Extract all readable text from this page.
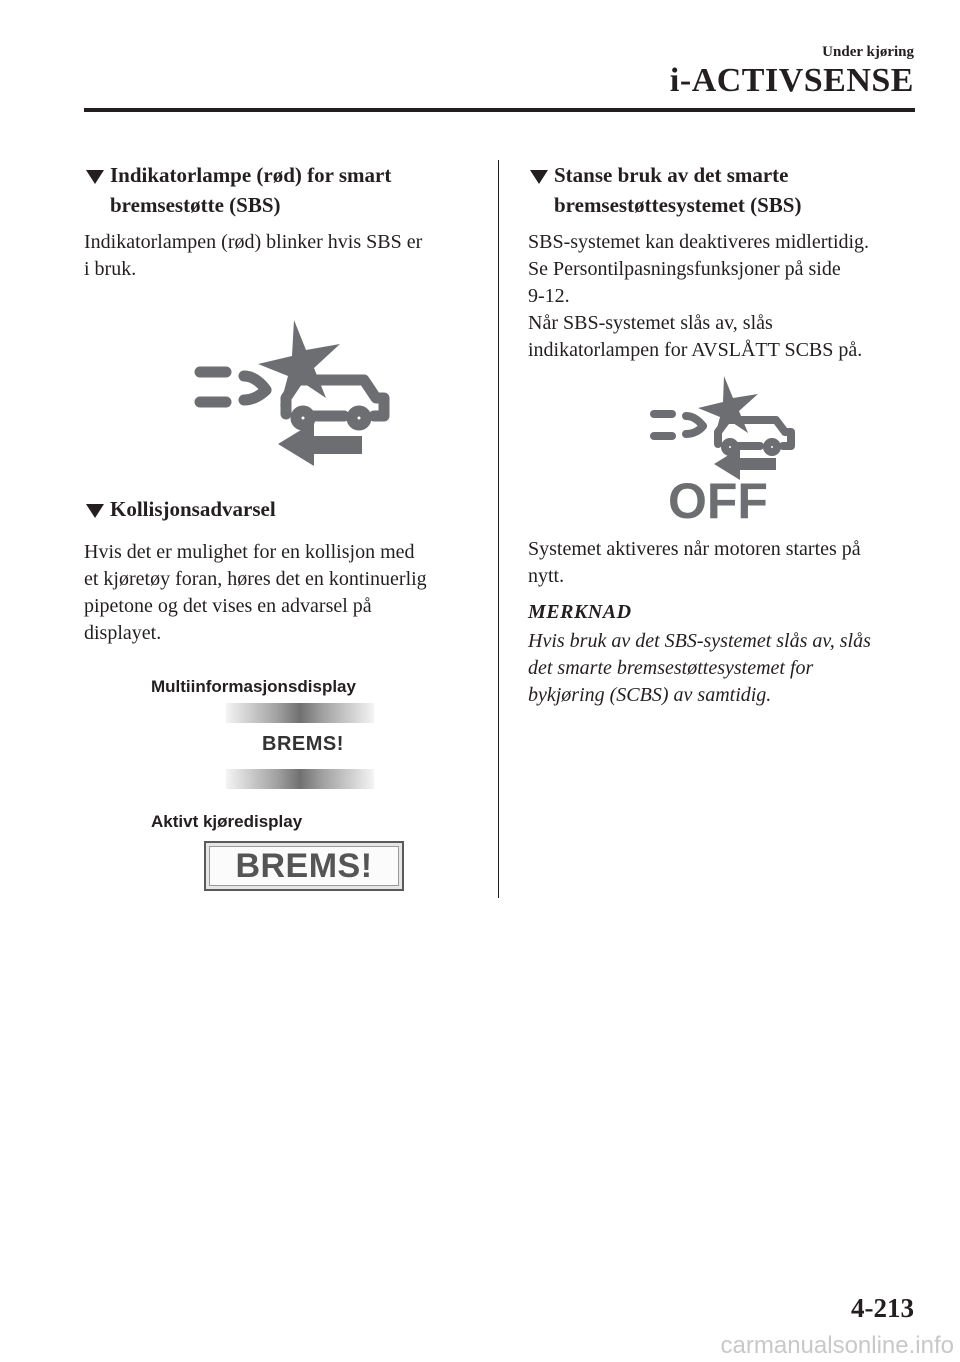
Under kjøring
i-ACTIVSENSE
Indikatorlampe (rød) for smart
bremsestøtte (SBS)
Indikatorlampen (rød) blinker hvis SBS er
i bruk.
Kollisjonsadvarsel
Hvis det er mulighet for en kollisjon med
et kjøretøy foran, høres det en kontinuerlig
pipetone og det vises en advarsel på
displayet.
Multiinformasjonsdisplay
BREMS!
Aktivt kjøredisplay
BREMS!
Stanse bruk av det smarte
bremsestøttesystemet (SBS)
SBS-systemet kan deaktiveres midlertidig.
Se Persontilpasningsfunksjoner på side
9-12.
Når SBS-systemet slås av, slås
indikatorlampen for AVSLÅTT SCBS på.
OFF
Systemet aktiveres når motoren startes på
nytt.
MERKNAD
Hvis bruk av det SBS-systemet slås av, slås
det smarte bremsestøttesystemet for
bykjøring (SCBS) av samtidig.
4-213
carmanualsonline.info
